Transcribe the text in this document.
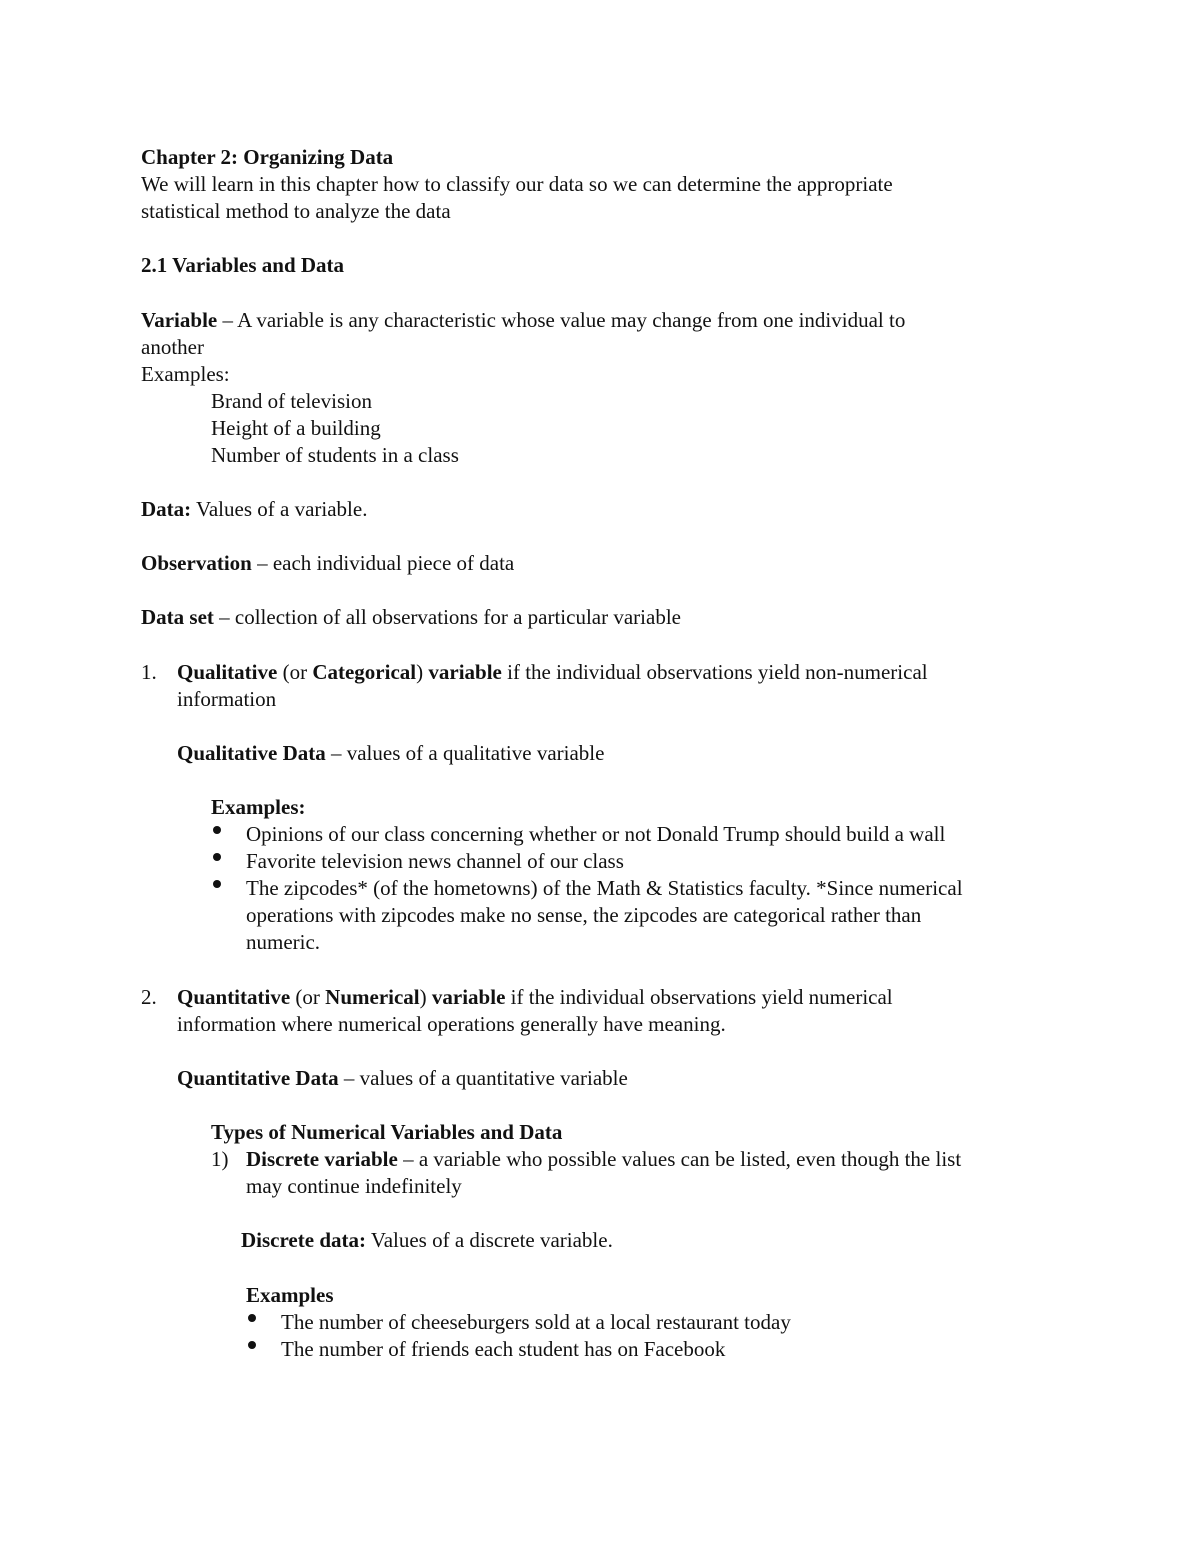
Chapter 2: Organizing Data
We will learn in this chapter how to classify our data so we can determine the appropriate
statistical method to analyze the data
2.1 Variables and Data
Variable – A variable is any characteristic whose value may change from one individual to
another
Examples:
Brand of television
Height of a building
Number of students in a class
Data: Values of a variable.
Observation – each individual piece of data
Data set – collection of all observations for a particular variable
1. Qualitative (or Categorical) variable if the individual observations yield non-numerical
information
Qualitative Data – values of a qualitative variable
Examples:
Opinions of our class concerning whether or not Donald Trump should build a wall
Favorite television news channel of our class
The zipcodes* (of the hometowns) of the Math & Statistics faculty. *Since numerical
operations with zipcodes make no sense, the zipcodes are categorical rather than
numeric.
2. Quantitative (or Numerical) variable if the individual observations yield numerical
information where numerical operations generally have meaning.
Quantitative Data – values of a quantitative variable
Types of Numerical Variables and Data
1) Discrete variable – a variable who possible values can be listed, even though the list
may continue indefinitely
Discrete data: Values of a discrete variable.
Examples
The number of cheeseburgers sold at a local restaurant today
The number of friends each student has on Facebook
